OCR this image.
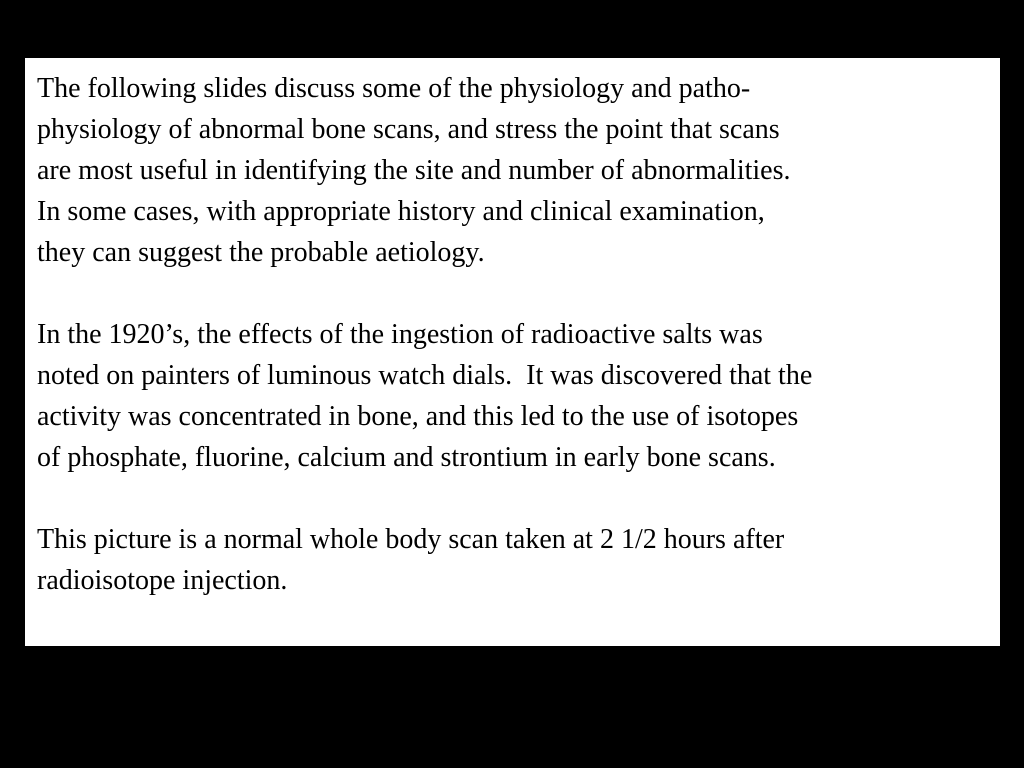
The following slides discuss some of the physiology and patho-
physiology of abnormal bone scans, and stress the point that scans
are most useful in identifying the site and number of abnormalities.
In some cases, with appropriate history and clinical examination,
they can suggest the probable aetiology.

In the 1920’s, the effects of the ingestion of radioactive salts was
noted on painters of luminous watch dials.  It was discovered that the
activity was concentrated in bone, and this led to the use of isotopes
of phosphate, fluorine, calcium and strontium in early bone scans.

This picture is a normal whole body scan taken at 2 1/2 hours after
radioisotope injection.
